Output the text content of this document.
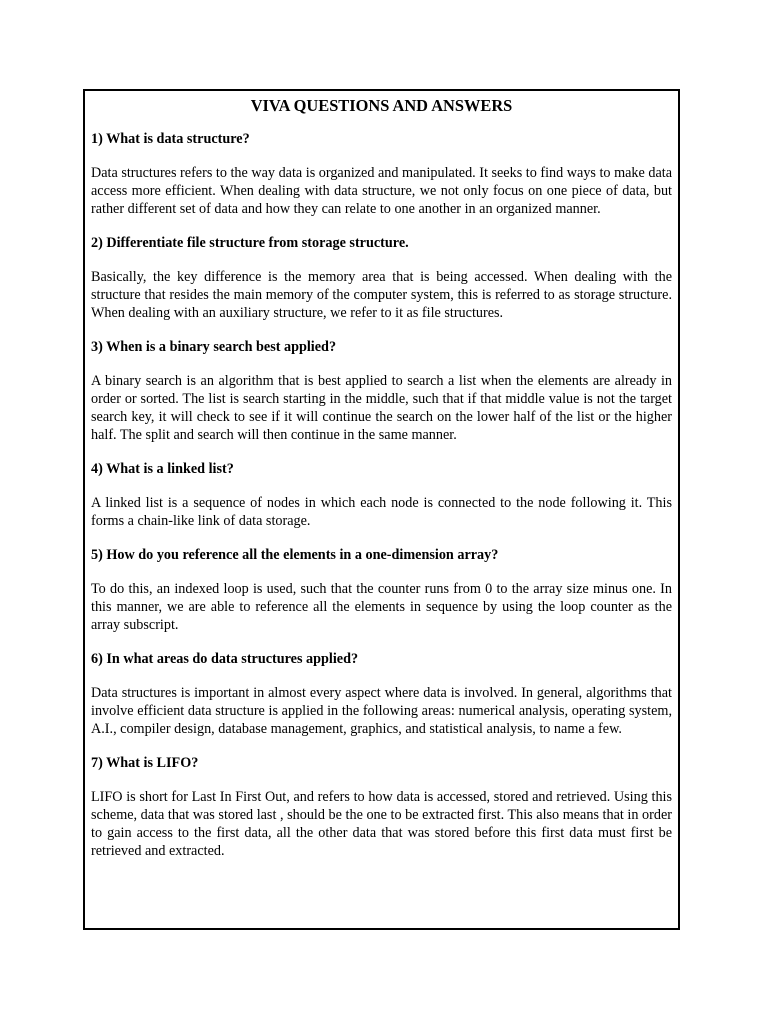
VIVA QUESTIONS AND ANSWERS

1) What is data structure?

Data structures refers to the way data is organized and manipulated. It seeks to find ways to make data access more efficient. When dealing with data structure, we not only focus on one piece of data, but rather different set of data and how they can relate to one another in an organized manner.

2) Differentiate file structure from storage structure.

Basically, the key difference is the memory area that is being accessed. When dealing with the structure that resides the main memory of the computer system, this is referred to as storage structure. When dealing with an auxiliary structure, we refer to it as file structures.

3) When is a binary search best applied?

A binary search is an algorithm that is best applied to search a list when the elements are already in order or sorted. The list is search starting in the middle, such that if that middle value is not the target search key, it will check to see if it will continue the search on the lower half of the list or the higher half. The split and search will then continue in the same manner.

4) What is a linked list?

A linked list is a sequence of nodes in which each node is connected to the node following it. This forms a chain-like link of data storage.

5) How do you reference all the elements in a one-dimension array?

To do this, an indexed loop is used, such that the counter runs from 0 to the array size minus one. In this manner, we are able to reference all the elements in sequence by using the loop counter as the array subscript.

6) In what areas do data structures applied?

Data structures is important in almost every aspect where data is involved. In general, algorithms that involve efficient data structure is applied in the following areas: numerical analysis, operating system, A.I., compiler design, database management, graphics, and statistical analysis, to name a few.

7) What is LIFO?

LIFO is short for Last In First Out, and refers to how data is accessed, stored and retrieved. Using this scheme, data that was stored last , should be the one to be extracted first. This also means that in order to gain access to the first data, all the other data that was stored before this first data must first be retrieved and extracted.
